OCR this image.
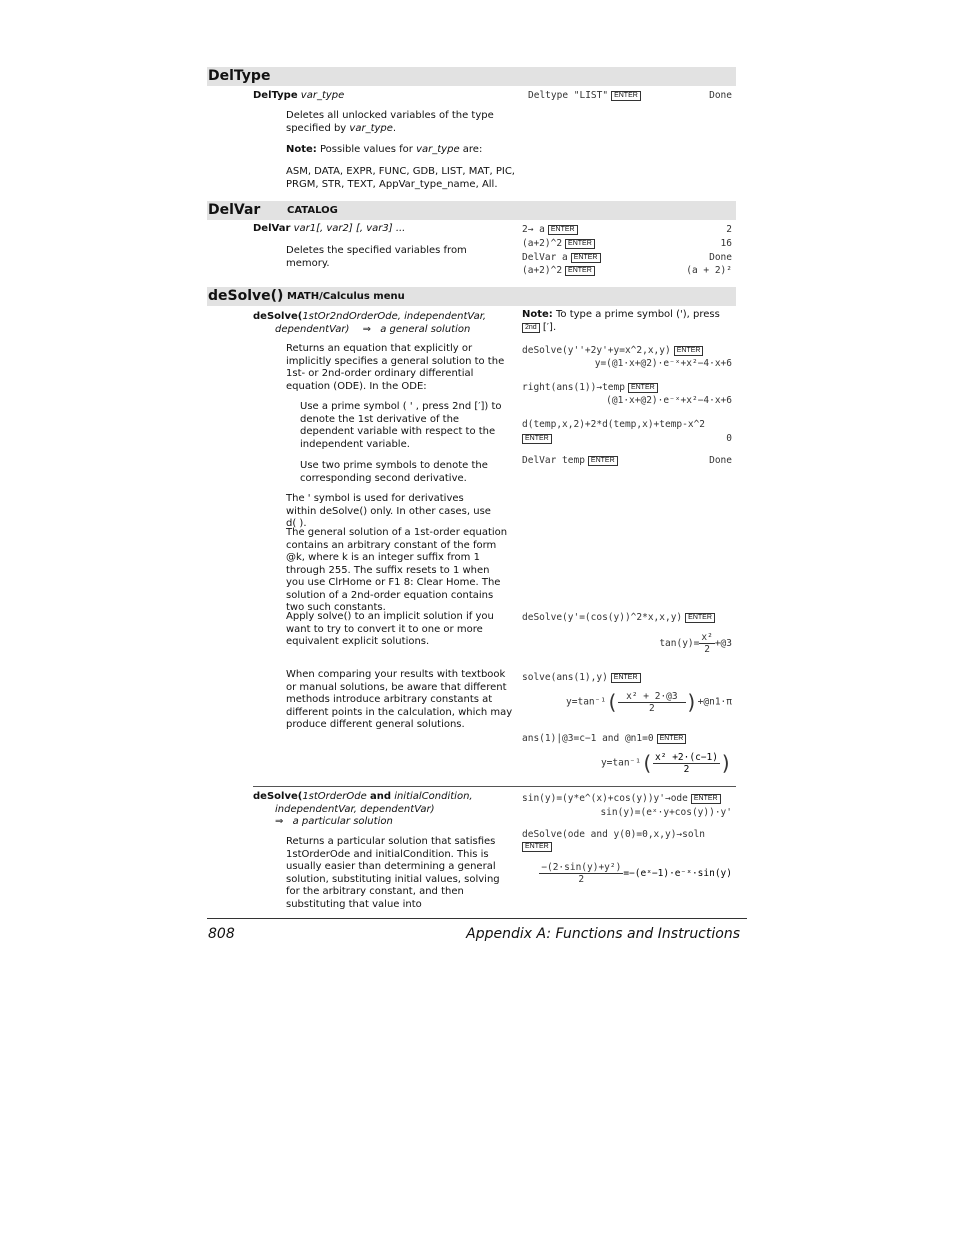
DelType
DelType var_type	Deltype "LIST" ENTER	Done
Deletes all unlocked variables of the type specified by var_type.
Note: Possible values for var_type are:
ASM, DATA, EXPR, FUNC, GDB, LIST, MAT, PIC,
PRGM, STR, TEXT, AppVar_type_name, All.
DelVar	CATALOG
DelVar var1[, var2] [, var3] ...
Deletes the specified variables from memory.
2→ a ENTER	2
(a+2)^2 ENTER	16
DelVar a ENTER	Done
(a+2)^2 ENTER	(a + 2)²
deSolve() MATH/Calculus menu
deSolve(1stOr2ndOrderOde, independentVar,
dependentVar) ⇒ a general solution
Note: To type a prime symbol ('), press
2nd [′].
Returns an equation that explicitly or implicitly specifies a general solution to the 1st- or 2nd-order ordinary differential equation (ODE). In the ODE:
Use a prime symbol ( ' , press 2nd [′]) to denote the 1st derivative of the dependent variable with respect to the independent variable.
Use two prime symbols to denote the corresponding second derivative.
The ' symbol is used for derivatives within deSolve() only. In other cases, use d( ).
The general solution of a 1st-order equation contains an arbitrary constant of the form @k, where k is an integer suffix from 1 through 255. The suffix resets to 1 when you use ClrHome or F1 8: Clear Home. The solution of a 2nd-order equation contains two such constants.
Apply solve() to an implicit solution if you want to try to convert it to one or more equivalent explicit solutions.
When comparing your results with textbook or manual solutions, be aware that different methods introduce arbitrary constants at different points in the calculation, which may produce different general solutions.
deSolve(y''+2y'+y=x^2,x,y) ENTER
y=(@1·x+@2)·e⁻ˣ+x²−4·x+6
right(ans(1))→temp ENTER
(@1·x+@2)·e⁻ˣ+x²−4·x+6
d(temp,x,2)+2*d(temp,x)+temp-x^2
ENTER	0
DelVar temp ENTER	Done
deSolve(y'=(cos(y))^2*x,x,y) ENTER
$\tan(y)= \frac{\text{x²}}{2}$ +@3
solve(ans(1),y) ENTER
$y=\tan^{-1}( \frac{\text{x² + 2·@3}}{2}$ )+@n1·π
ans(1)|@3=c−1 and @n1=0 ENTER
$y=\tan^{-1}( \frac{\text{x² +2·(c−1)}}{2}$ )
deSolve(1stOrderOde and initialCondition,
independentVar, dependentVar)
⇒ a particular solution
Returns a particular solution that satisfies 1stOrderOde and initialCondition. This is usually easier than determining a general solution, substituting initial values, solving for the arbitrary constant, and then substituting that value into
sin(y)=(y*e^(x)+cos(y))y'→ode ENTER
sin(y)=(eˣ·y+cos(y))·y'
deSolve(ode and y(0)=0,x,y)→soln
ENTER
$\frac{\text{−(2·sin(y)+y²)}}{2}$ =−(eˣ−1)·e⁻ˣ·sin(y)
808	Appendix A: Functions and Instructions
